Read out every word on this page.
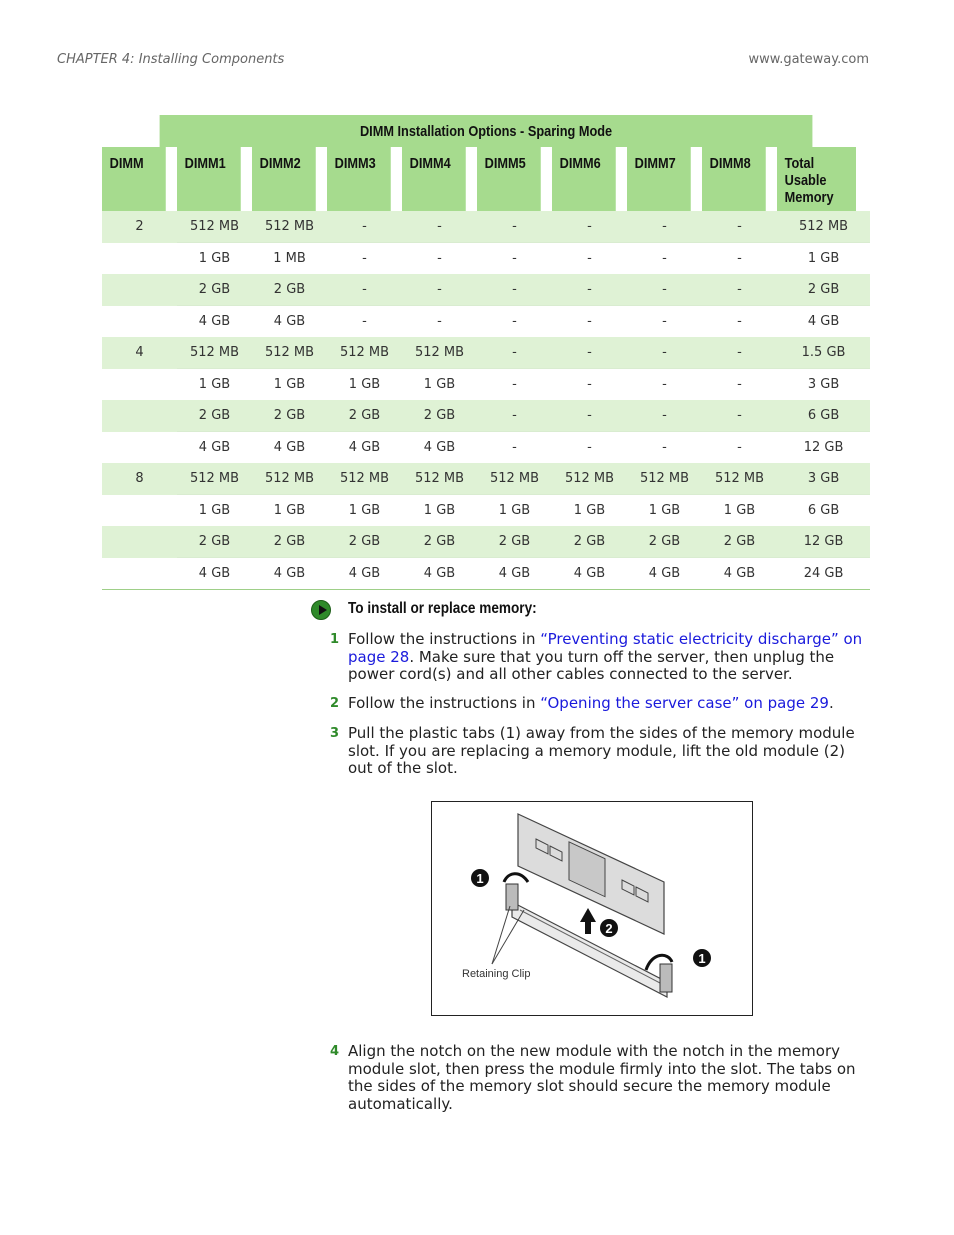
CHAPTER 4: Installing Components	www.gateway.com
DIMM Installation Options - Sparing Mode									
DIMM	DIMM1	DIMM2	DIMM3	DIMM4	DIMM5	DIMM6	DIMM7	DIMM8	Total Usable Memory
2	512 MB	512 MB	-	-	-	-	-	-	512 MB
	1 GB	1 MB	-	-	-	-	-	-	1 GB
	2 GB	2 GB	-	-	-	-	-	-	2 GB
	4 GB	4 GB	-	-	-	-	-	-	4 GB
4	512 MB	512 MB	512 MB	512 MB	-	-	-	-	1.5 GB
	1 GB	1 GB	1 GB	1 GB	-	-	-	-	3 GB
	2 GB	2 GB	2 GB	2 GB	-	-	-	-	6 GB
	4 GB	4 GB	4 GB	4 GB	-	-	-	-	12 GB
8	512 MB	512 MB	512 MB	512 MB	512 MB	512 MB	512 MB	512 MB	3 GB
	1 GB	1 GB	1 GB	1 GB	1 GB	1 GB	1 GB	1 GB	6 GB
	2 GB	2 GB	2 GB	2 GB	2 GB	2 GB	2 GB	2 GB	12 GB
	4 GB	4 GB	4 GB	4 GB	4 GB	4 GB	4 GB	4 GB	24 GB
To install or replace memory:
1 Follow the instructions in “Preventing static electricity discharge” on page 28. Make sure that you turn off the server, then unplug the power cord(s) and all other cables connected to the server.
2 Follow the instructions in “Opening the server case” on page 29.
3 Pull the plastic tabs (1) away from the sides of the memory module slot. If you are replacing a memory module, lift the old module (2) out of the slot.
1
2
1
Retaining Clip
4 Align the notch on the new module with the notch in the memory module slot, then press the module firmly into the slot. The tabs on the sides of the memory slot should secure the memory module automatically.
